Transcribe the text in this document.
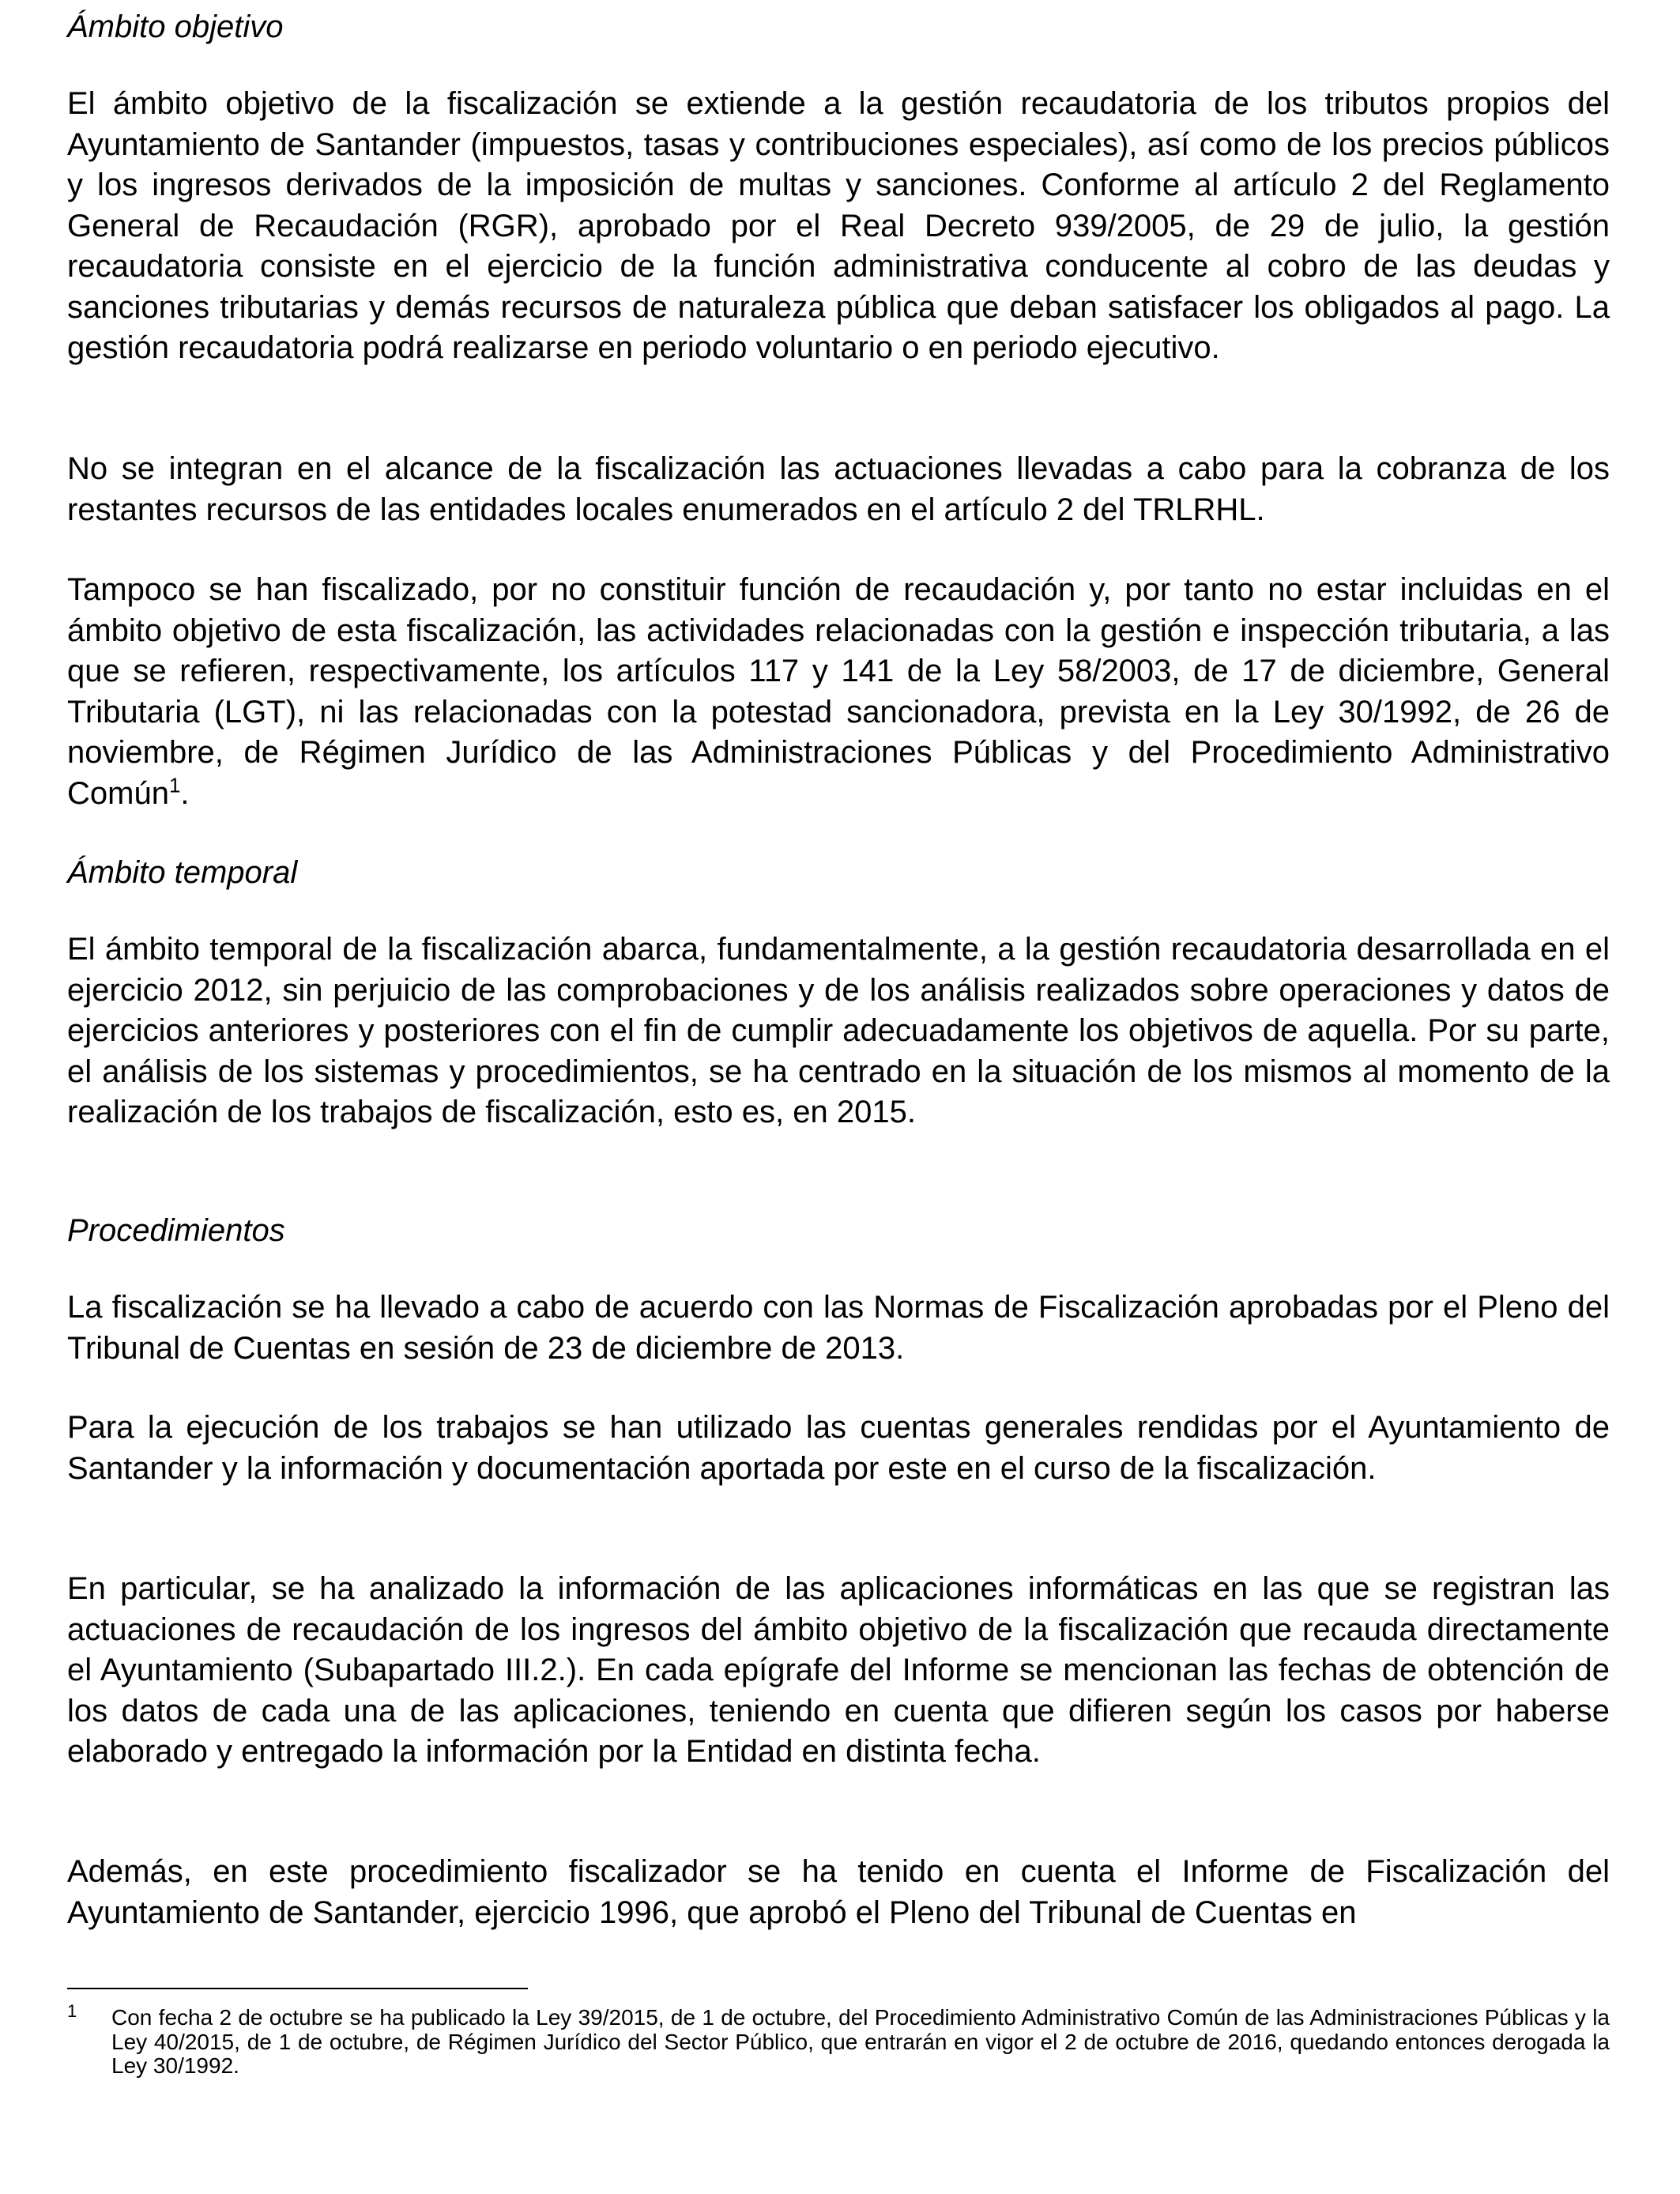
Ámbito objetivo

El ámbito objetivo de la fiscalización se extiende a la gestión recaudatoria de los tributos propios del Ayuntamiento de Santander (impuestos, tasas y contribuciones especiales), así como de los precios públicos y los ingresos derivados de la imposición de multas y sanciones. Conforme al artículo 2 del Reglamento General de Recaudación (RGR), aprobado por el Real Decreto 939/2005, de 29 de julio, la gestión recaudatoria consiste en el ejercicio de la función administrativa conducente al cobro de las deudas y sanciones tributarias y demás recursos de naturaleza pública que deban satisfacer los obligados al pago. La gestión recaudatoria podrá realizarse en periodo voluntario o en periodo ejecutivo.

No se integran en el alcance de la fiscalización las actuaciones llevadas a cabo para la cobranza de los restantes recursos de las entidades locales enumerados en el artículo 2 del TRLRHL.

Tampoco se han fiscalizado, por no constituir función de recaudación y, por tanto no estar incluidas en el ámbito objetivo de esta fiscalización, las actividades relacionadas con la gestión e inspección tributaria, a las que se refieren, respectivamente, los artículos 117 y 141 de la Ley 58/2003, de 17 de diciembre, General Tributaria (LGT), ni las relacionadas con la potestad sancionadora, prevista en la Ley 30/1992, de 26 de noviembre, de Régimen Jurídico de las Administraciones Públicas y del Procedimiento Administrativo Común$^1$.

Ámbito temporal

El ámbito temporal de la fiscalización abarca, fundamentalmente, a la gestión recaudatoria desarrollada en el ejercicio 2012, sin perjuicio de las comprobaciones y de los análisis realizados sobre operaciones y datos de ejercicios anteriores y posteriores con el fin de cumplir adecuadamente los objetivos de aquella. Por su parte, el análisis de los sistemas y procedimientos, se ha centrado en la situación de los mismos al momento de la realización de los trabajos de fiscalización, esto es, en 2015.

Procedimientos

La fiscalización se ha llevado a cabo de acuerdo con las Normas de Fiscalización aprobadas por el Pleno del Tribunal de Cuentas en sesión de 23 de diciembre de 2013.

Para la ejecución de los trabajos se han utilizado las cuentas generales rendidas por el Ayuntamiento de Santander y la información y documentación aportada por este en el curso de la fiscalización.

En particular, se ha analizado la información de las aplicaciones informáticas en las que se registran las actuaciones de recaudación de los ingresos del ámbito objetivo de la fiscalización que recauda directamente el Ayuntamiento (Subapartado III.2.). En cada epígrafe del Informe se mencionan las fechas de obtención de los datos de cada una de las aplicaciones, teniendo en cuenta que difieren según los casos por haberse elaborado y entregado la información por la Entidad en distinta fecha.

Además, en este procedimiento fiscalizador se ha tenido en cuenta el Informe de Fiscalización del Ayuntamiento de Santander, ejercicio 1996, que aprobó el Pleno del Tribunal de Cuentas en

1 Con fecha 2 de octubre se ha publicado la Ley 39/2015, de 1 de octubre, del Procedimiento Administrativo Común de las Administraciones Públicas y la Ley 40/2015, de 1 de octubre, de Régimen Jurídico del Sector Público, que entrarán en vigor el 2 de octubre de 2016, quedando entonces derogada la Ley 30/1992.
